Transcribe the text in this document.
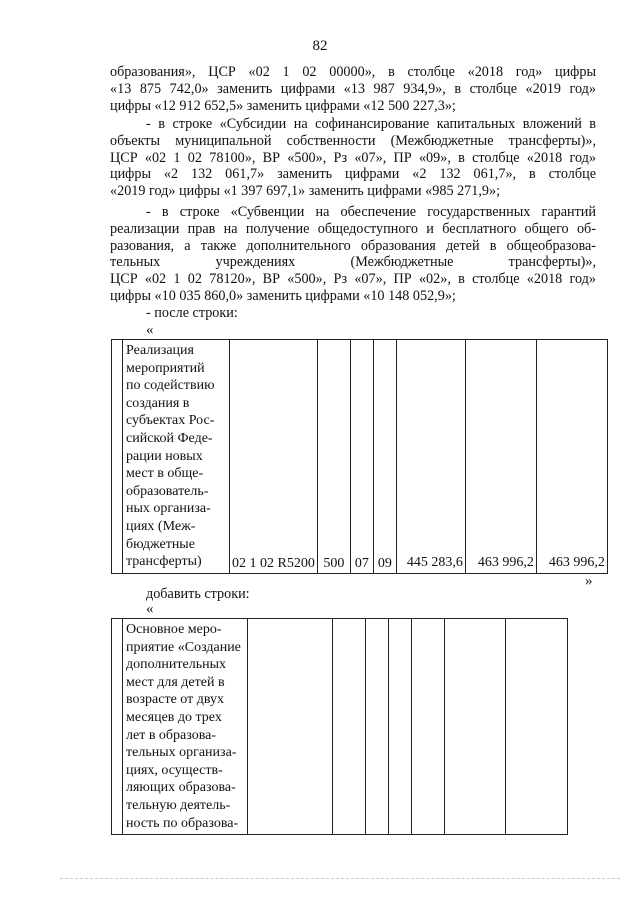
82
образования», ЦСР «02 1 02 00000», в столбце «2018 год» цифры
«13 875 742,0» заменить цифрами «13 987 934,9», в столбце «2019 год»
цифры «12 912 652,5» заменить цифрами «12 500 227,3»;
- в строке «Субсидии на софинансирование капитальных вложений в
объекты муниципальной собственности (Межбюджетные трансферты)»,
ЦСР «02 1 02 78100», ВР «500», Рз «07», ПР «09», в столбце «2018 год»
цифры «2 132 061,7» заменить цифрами «2 132 061,7», в столбце
«2019 год» цифры «1 397 697,1» заменить цифрами «985 271,9»;
- в строке «Субвенции на обеспечение государственных гарантий
реализации прав на получение общедоступного и бесплатного общего об-
разования, а также дополнительного образования детей в общеобразова-
тельных учреждениях (Межбюджетные трансферты)»,
ЦСР «02 1 02 78120», ВР «500», Рз «07», ПР «02», в столбце «2018 год»
цифры «10 035 860,0» заменить цифрами «10 148 052,9»;
- после строки:
«

Реализация
мероприятий
по содействию
создания в
субъектах Рос-
сийской Феде-
рации новых
мест в обще-
образователь-
ных организа-
циях (Меж-
бюджетные
трансферты)	02 1 02 R5200	500	07	09	445 283,6	463 996,2	463 996,2
»
добавить строки:
«

Основное меро-
приятие «Создание
дополнительных
мест для детей в
возрасте от двух
месяцев до трех
лет в образова-
тельных организа-
циях, осуществ-
ляющих образова-
тельную деятель-
ность по образова-
